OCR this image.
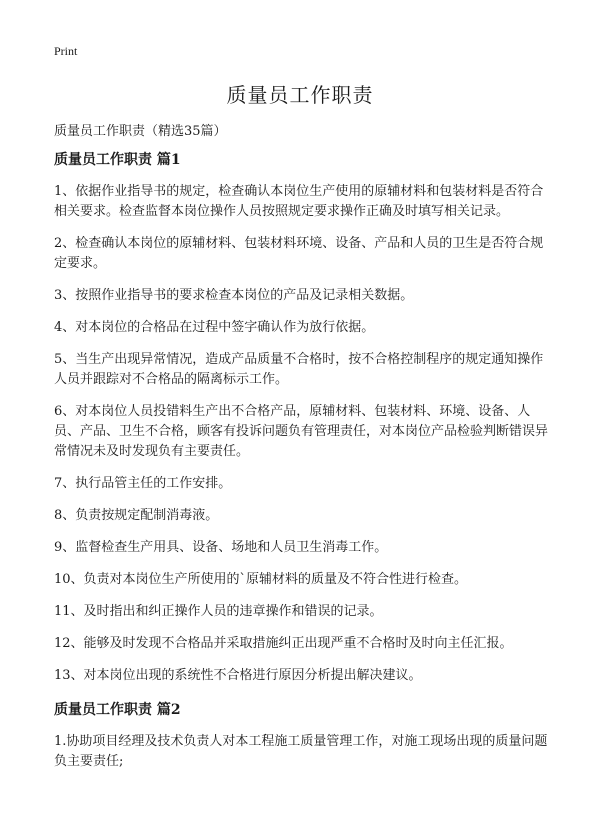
Print
质量员工作职责
质量员工作职责（精选35篇）
质量员工作职责 篇1

1、依据作业指导书的规定，检查确认本岗位生产使用的原辅材料和包装材料是否符合相关要求。检查监督本岗位操作人员按照规定要求操作正确及时填写相关记录。

2、检查确认本岗位的原辅材料、包装材料环境、设备、产品和人员的卫生是否符合规定要求。

3、按照作业指导书的要求检查本岗位的产品及记录相关数据。

4、对本岗位的合格品在过程中签字确认作为放行依据。

5、当生产出现异常情况，造成产品质量不合格时，按不合格控制程序的规定通知操作人员并跟踪对不合格品的隔离标示工作。

6、对本岗位人员投错料生产出不合格产品，原辅材料、包装材料、环境、设备、人员、产品、卫生不合格，顾客有投诉问题负有管理责任，对本岗位产品检验判断错误异常情况未及时发现负有主要责任。

7、执行品管主任的工作安排。

8、负责按规定配制消毒液。

9、监督检查生产用具、设备、场地和人员卫生消毒工作。

10、负责对本岗位生产所使用的`原辅材料的质量及不符合性进行检查。

11、及时指出和纠正操作人员的违章操作和错误的记录。

12、能够及时发现不合格品并采取措施纠正出现严重不合格时及时向主任汇报。

13、对本岗位出现的系统性不合格进行原因分析提出解决建议。

质量员工作职责 篇2

1.协助项目经理及技术负责人对本工程施工质量管理工作，对施工现场出现的质量问题负主要责任;
